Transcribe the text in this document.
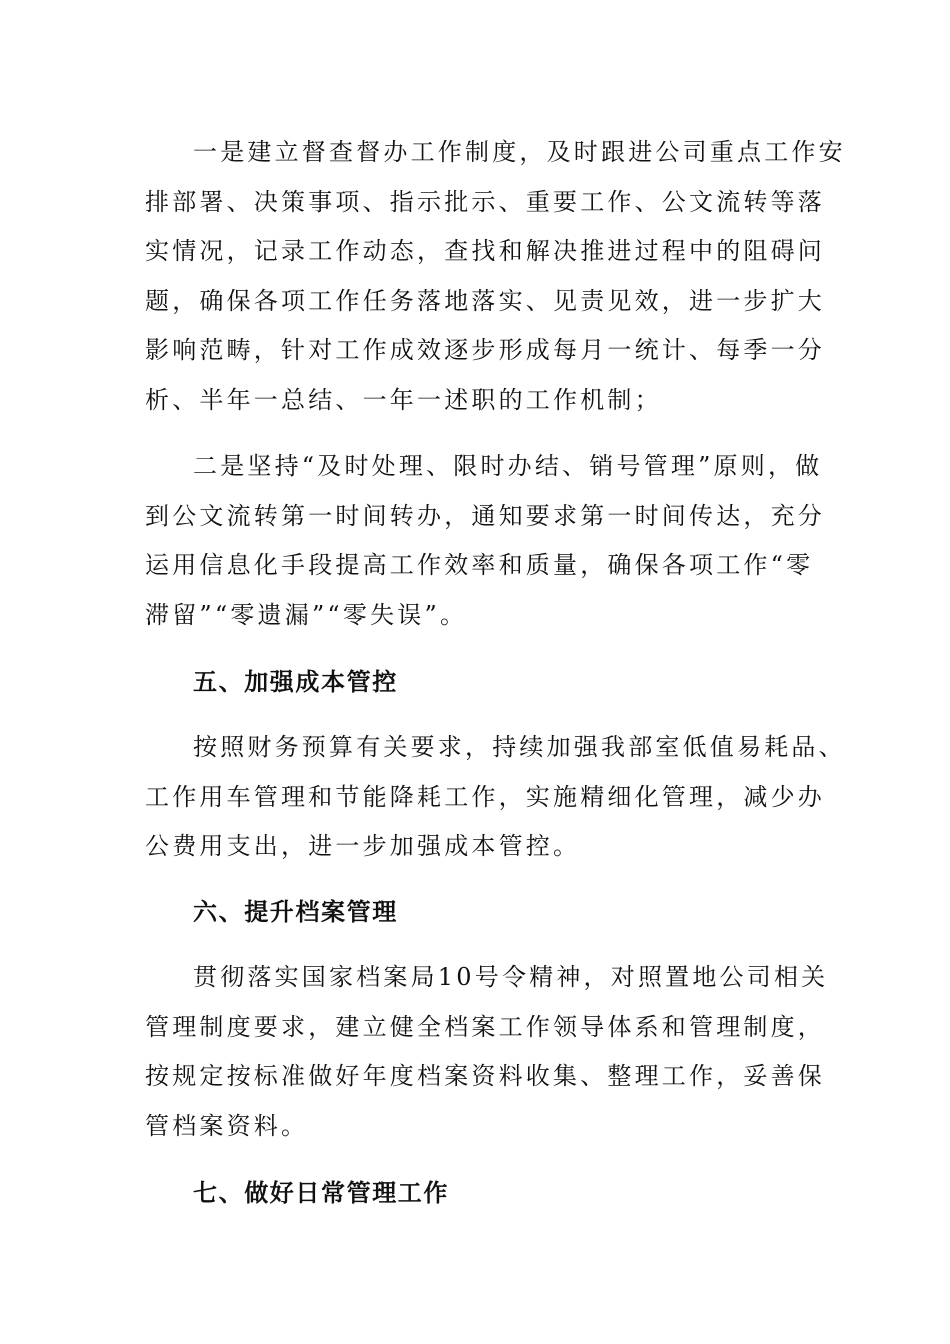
一是建立督查督办工作制度，及时跟进公司重点工作安
排部署、决策事项、指示批示、重要工作、公文流转等落
实情况，记录工作动态，查找和解决推进过程中的阻碍问
题，确保各项工作任务落地落实、见责见效，进一步扩大
影响范畴，针对工作成效逐步形成每月一统计、每季一分
析、半年一总结、一年一述职的工作机制；

二是坚持“及时处理、限时办结、销号管理”原则，做
到公文流转第一时间转办，通知要求第一时间传达，充分
运用信息化手段提高工作效率和质量，确保各项工作“零
滞留”“零遗漏”“零失误”。

五、加强成本管控

按照财务预算有关要求，持续加强我部室低值易耗品、
工作用车管理和节能降耗工作，实施精细化管理，减少办
公费用支出，进一步加强成本管控。

六、提升档案管理

贯彻落实国家档案局10号令精神，对照置地公司相关
管理制度要求，建立健全档案工作领导体系和管理制度，
按规定按标准做好年度档案资料收集、整理工作，妥善保
管档案资料。

七、做好日常管理工作
